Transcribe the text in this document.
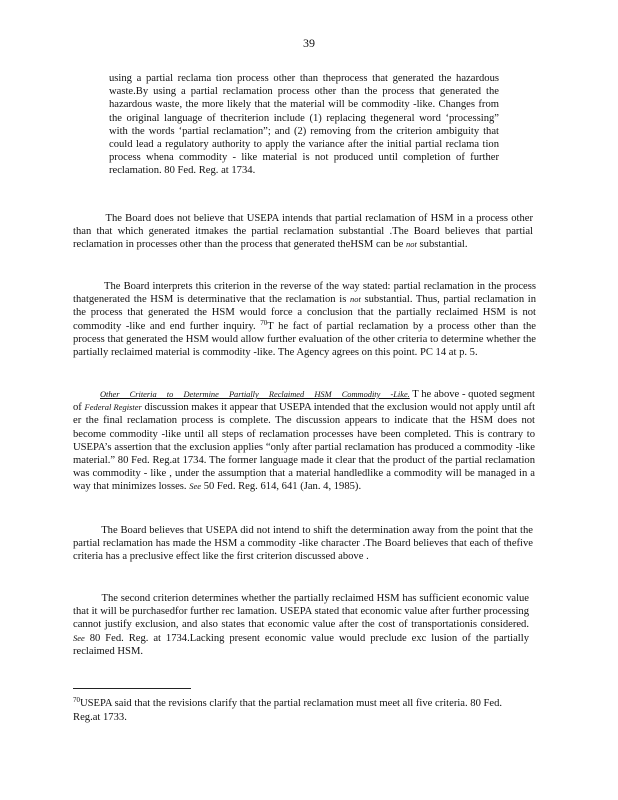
39

using a partial reclama tion process other than theprocess that generated the hazardous waste.By using a partial reclamation process other than the process that generated the hazardous waste, the more likely that the material will be commodity -like. Changes from the original language of thecriterion include (1) replacing thegeneral word ‘processing” with the words ‘partial reclamation”; and (2) removing from the criterion ambiguity that could lead a regulatory authority to apply the variance after the initial partial reclama tion process whena commodity - like material is not produced until completion of further reclamation. 80 Fed. Reg. at 1734.

The Board does not believe that USEPA intends that partial reclamation of HSM in a process other than that which generated itmakes the partial reclamation substantial .The Board believes that partial reclamation in processes other than the process that generated theHSM can be not substantial.

The Board interprets this criterion in the reverse of the way stated: partial reclamation in the process thatgenerated the HSM is determinative that the reclamation is not substantial. Thus, partial reclamation in the process that generated the HSM would force a conclusion that the partially reclaimed HSM is not commodity -like and end further inquiry. $^{70}$T he fact of partial reclamation by a process other than the process that generated the HSM would allow further evaluation of the other criteria to determine whether the partially reclaimed material is commodity -like. The Agency agrees on this point. PC 14 at p. 5.

Other Criteria to Determine Partially Reclaimed HSM Commodity -Like. T he above - quoted segment of Federal Register discussion makes it appear that USEPA intended that the exclusion would not apply until aft er the final reclamation process is complete. The discussion appears to indicate that the HSM does not become commodity -like until all steps of reclamation processes have been completed. This is contrary to USEPA’s assertion that the exclusion applies “only after partial reclamation has produced a commodity -like material.” 80 Fed. Reg.at 1734. The former language made it clear that the product of the partial reclamation was commodity - like , under the assumption that a material handledlike a commodity will be managed in a way that minimizes losses. See 50 Fed. Reg. 614, 641 (Jan. 4, 1985).

The Board believes that USEPA did not intend to shift the determination away from the point that the partial reclamation has made the HSM a commodity -like character .The Board believes that each of thefive criteria has a preclusive effect like the first criterion discussed above .

The second criterion determines whether the partially reclaimed HSM has sufficient economic value that it will be purchasedfor further rec lamation. USEPA stated that economic value after further processing cannot justify exclusion, and also states that economic value after the cost of transportationis considered. See 80 Fed. Reg. at 1734.Lacking present economic value would preclude exc lusion of the partially reclaimed HSM.

$^{70}$USEPA said that the revisions clarify that the partial reclamation must meet all five criteria. 80 Fed. Reg.at 1733.
